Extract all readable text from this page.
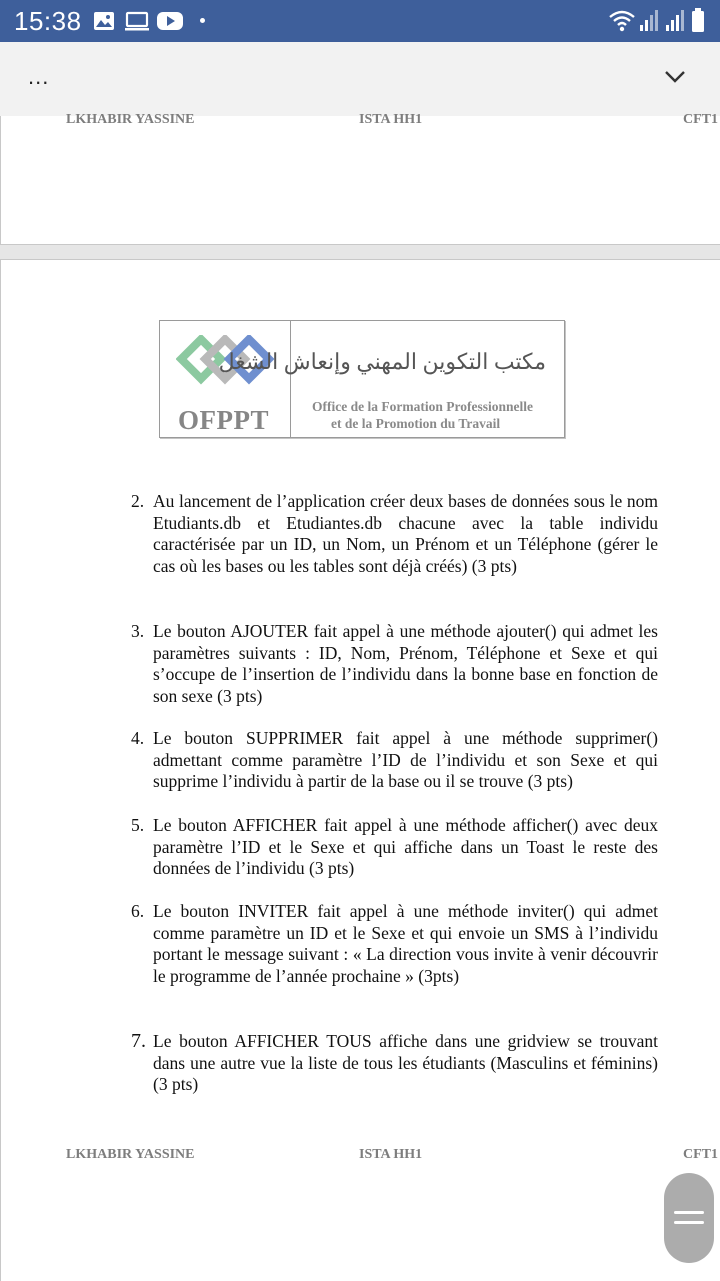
15:38
...
LKHABIR YASSINE	ISTA HH1	CFT1
OFPPT
مكتب التكوين المهني وإنعاش الشغل
Office de la Formation Professionnelle
et de la Promotion du Travail
2. Au lancement de l’application créer deux bases de données sous le nom Etudiants.db et Etudiantes.db chacune avec la table individu caractérisée par un ID, un Nom, un Prénom et un Téléphone (gérer le cas où les bases ou les tables sont déjà créés) (3 pts)
3. Le bouton AJOUTER fait appel à une méthode ajouter() qui admet les paramètres suivants : ID, Nom, Prénom, Téléphone et Sexe et qui s’occupe de l’insertion de l’individu dans la bonne base en fonction de son sexe (3 pts)
4. Le bouton SUPPRIMER fait appel à une méthode supprimer() admettant comme paramètre l’ID de l’individu et son Sexe et qui supprime l’individu à partir de la base ou il se trouve (3 pts)
5. Le bouton AFFICHER fait appel à une méthode afficher() avec deux paramètre l’ID et le Sexe et qui affiche dans un Toast le reste des données de l’individu (3 pts)
6. Le bouton INVITER fait appel à une méthode inviter() qui admet comme paramètre un ID et le Sexe et qui envoie un SMS à l’individu portant le message suivant : « La direction vous invite à venir découvrir le programme de l’année prochaine » (3pts)
7. Le bouton AFFICHER TOUS affiche dans une gridview se trouvant dans une autre vue la liste de tous les étudiants (Masculins et féminins) (3 pts)
LKHABIR YASSINE	ISTA HH1	CFT1
